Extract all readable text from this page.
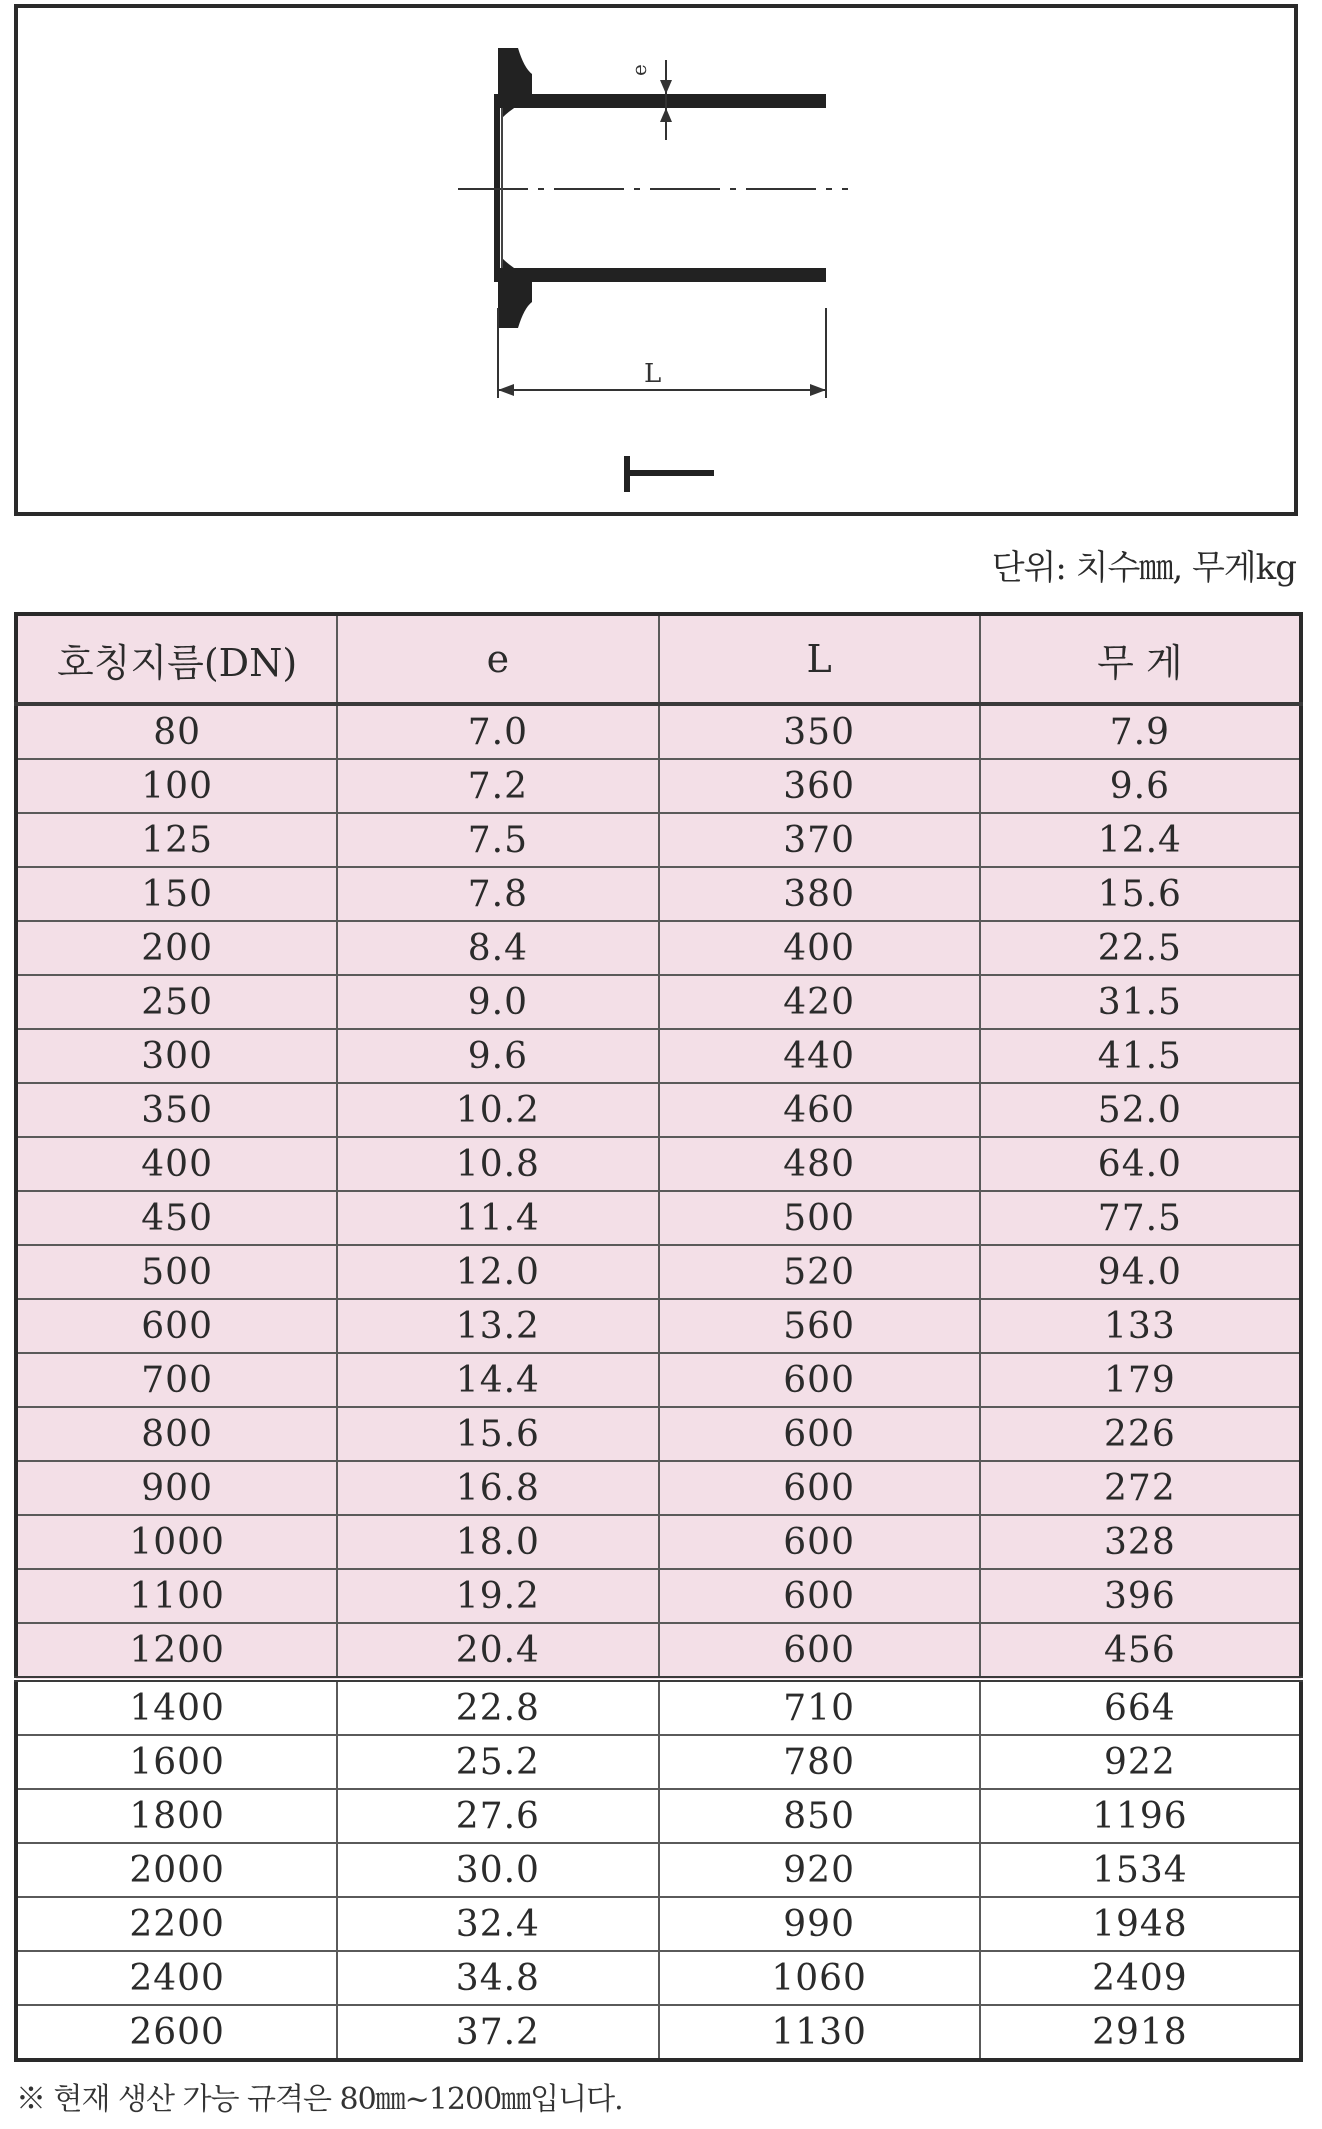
e
L
단위: 치수㎜, 무게kg
호칭지름(DN)	e	L	무 게
80	7.0	350	7.9
100	7.2	360	9.6
125	7.5	370	12.4
150	7.8	380	15.6
200	8.4	400	22.5
250	9.0	420	31.5
300	9.6	440	41.5
350	10.2	460	52.0
400	10.8	480	64.0
450	11.4	500	77.5
500	12.0	520	94.0
600	13.2	560	133
700	14.4	600	179
800	15.6	600	226
900	16.8	600	272
1000	18.0	600	328
1100	19.2	600	396
1200	20.4	600	456
1400	22.8	710	664
1600	25.2	780	922
1800	27.6	850	1196
2000	30.0	920	1534
2200	32.4	990	1948
2400	34.8	1060	2409
2600	37.2	1130	2918
※ 현재 생산 가능 규격은 80㎜~1200㎜입니다.
